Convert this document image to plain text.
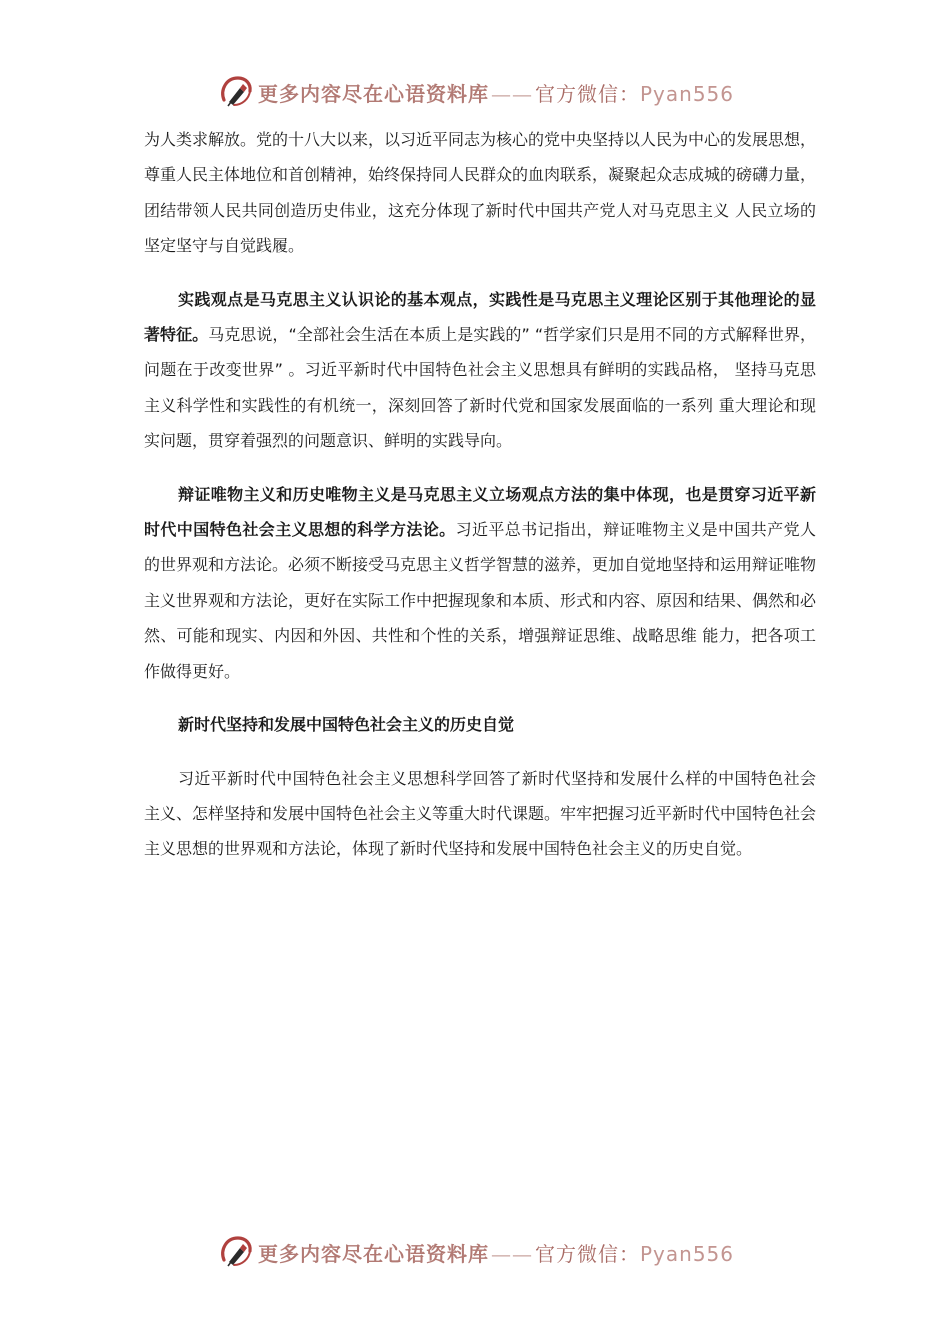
更多内容尽在心语资料库 —— 官方微信：Pyan556

为人类求解放。党的十八大以来，以习近平同志为核心的党中央坚持以人民为中心的发展思想，尊重人民主体地位和首创精神，始终保持同人民群众的血肉联系，凝聚起众志成城的磅礴力量，团结带领人民共同创造历史伟业，这充分体现了新时代中国共产党人对马克思主义 人民立场的坚定坚守与自觉践履。

实践观点是马克思主义认识论的基本观点，实践性是马克思主义理论区别于其他理论的显著特征。马克思说，“全部社会生活在本质上是实践的” “哲学家们只是用不同的方式解释世界，问题在于改变世界” 。习近平新时代中国特色社会主义思想具有鲜明的实践品格， 坚持马克思主义科学性和实践性的有机统一，深刻回答了新时代党和国家发展面临的一系列 重大理论和现实问题，贯穿着强烈的问题意识、鲜明的实践导向。

辩证唯物主义和历史唯物主义是马克思主义立场观点方法的集中体现，也是贯穿习近平新时代中国特色社会主义思想的科学方法论。习近平总书记指出，辩证唯物主义是中国共产党人的世界观和方法论。必须不断接受马克思主义哲学智慧的滋养，更加自觉地坚持和运用辩证唯物主义世界观和方法论，更好在实际工作中把握现象和本质、形式和内容、原因和结果、偶然和必然、可能和现实、内因和外因、共性和个性的关系，增强辩证思维、战略思维 能力，把各项工作做得更好。

新时代坚持和发展中国特色社会主义的历史自觉

习近平新时代中国特色社会主义思想科学回答了新时代坚持和发展什么样的中国特色社会主义、怎样坚持和发展中国特色社会主义等重大时代课题。牢牢把握习近平新时代中国特色社会主义思想的世界观和方法论，体现了新时代坚持和发展中国特色社会主义的历史自觉。

更多内容尽在心语资料库 —— 官方微信：Pyan556
